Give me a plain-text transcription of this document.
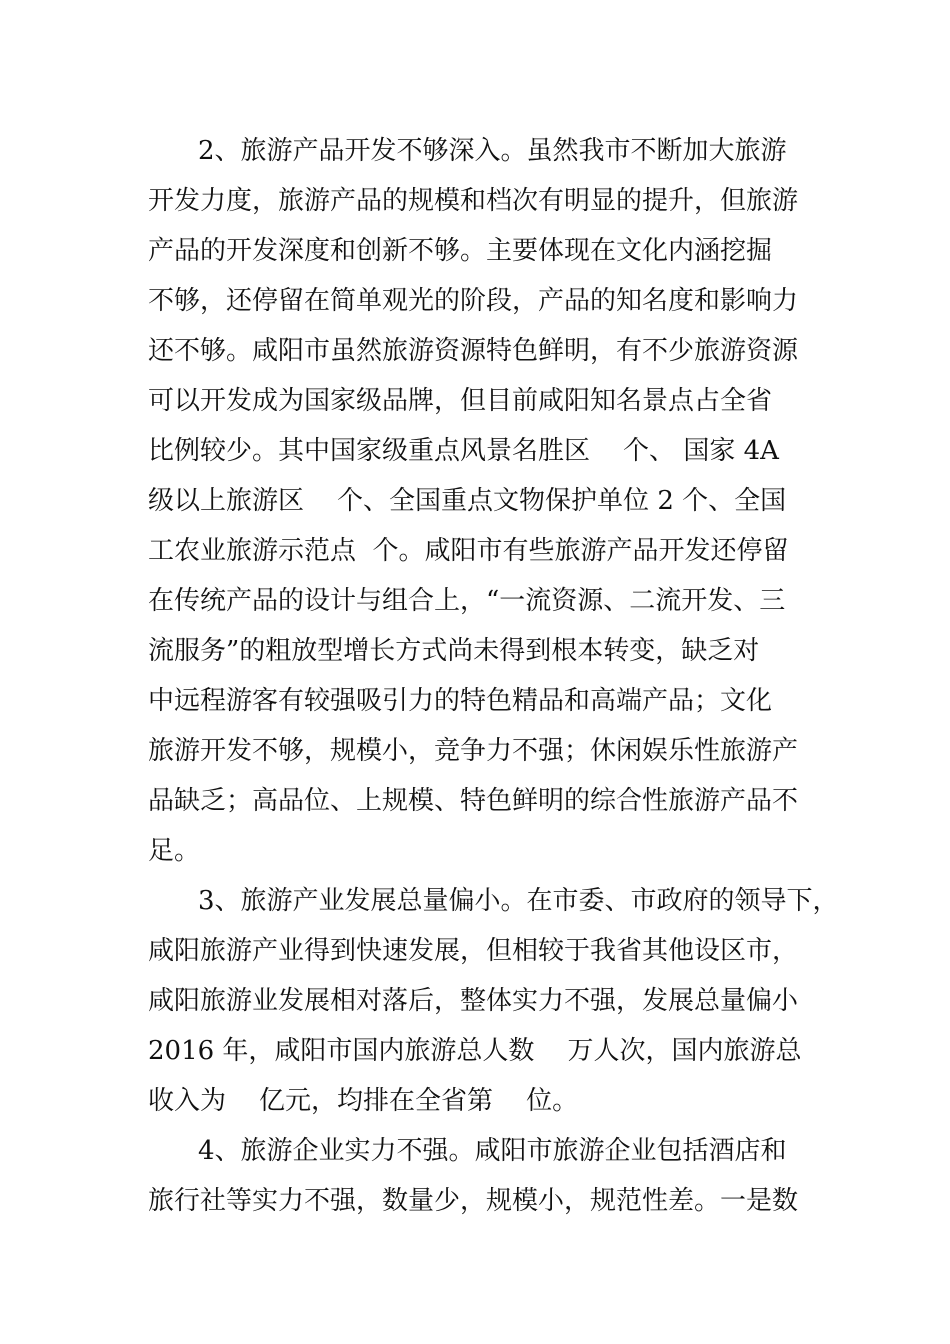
2、旅游产品开发不够深入。虽然我市不断加大旅游
开发力度，旅游产品的规模和档次有明显的提升，但旅游
产品的开发深度和创新不够。主要体现在文化内涵挖掘
不够，还停留在简单观光的阶段，产品的知名度和影响力
还不够。咸阳市虽然旅游资源特色鲜明，有不少旅游资源
可以开发成为国家级品牌，但目前咸阳知名景点占全省
比例较少。其中国家级重点风景名胜区    个、 国家 4A
级以上旅游区    个、全国重点文物保护单位 2 个、全国
工农业旅游示范点  个。咸阳市有些旅游产品开发还停留
在传统产品的设计与组合上，“一流资源、二流开发、三
流服务”的粗放型增长方式尚未得到根本转变，缺乏对
中远程游客有较强吸引力的特色精品和高端产品；文化
旅游开发不够，规模小，竞争力不强；休闲娱乐性旅游产
品缺乏；高品位、上规模、特色鲜明的综合性旅游产品不
足。
3、旅游产业发展总量偏小。在市委、市政府的领导下，
咸阳旅游产业得到快速发展，但相较于我省其他设区市，
咸阳旅游业发展相对落后，整体实力不强，发展总量偏小
2016 年，咸阳市国内旅游总人数    万人次，国内旅游总
收入为    亿元，均排在全省第    位。
4、旅游企业实力不强。咸阳市旅游企业包括酒店和
旅行社等实力不强，数量少，规模小，规范性差。一是数
